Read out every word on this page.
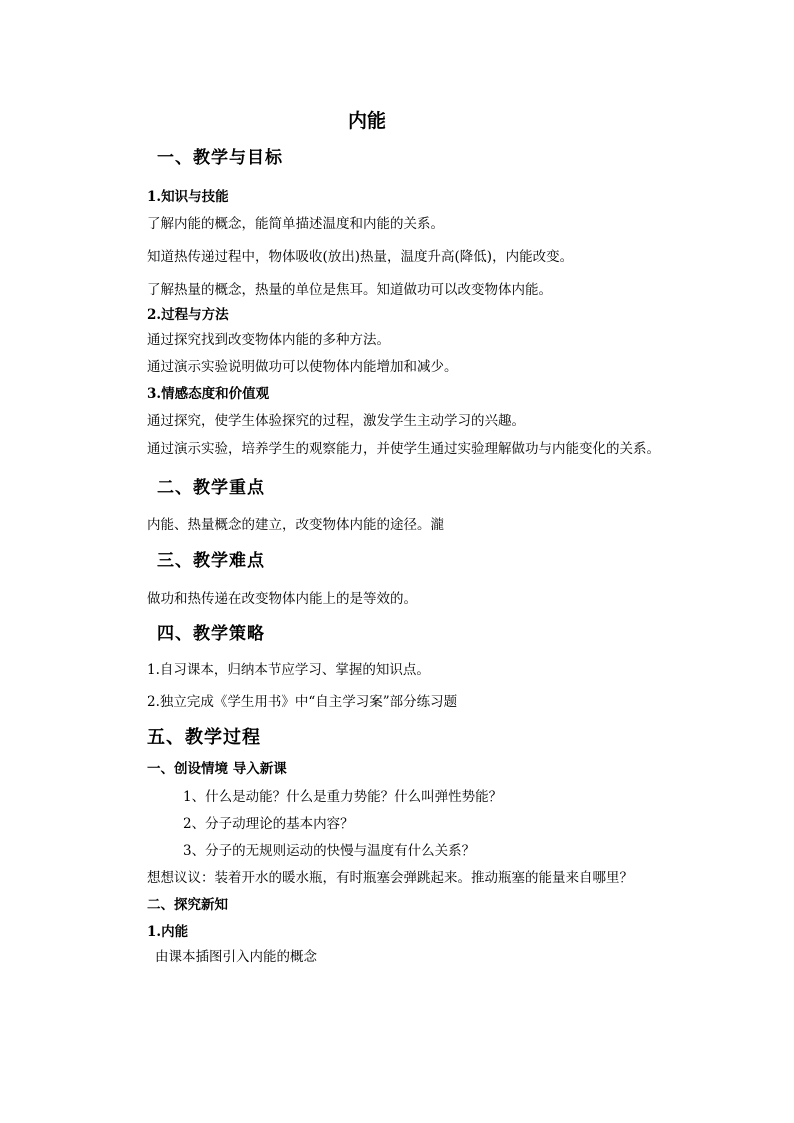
内能
一、教学与目标
1.知识与技能
了解内能的概念，能简单描述温度和内能的关系。
知道热传递过程中，物体吸收(放出)热量，温度升高(降低)，内能改变。
了解热量的概念，热量的单位是焦耳。知道做功可以改变物体内能。
2.过程与方法
通过探究找到改变物体内能的多种方法。
通过演示实验说明做功可以使物体内能增加和减少。
3.情感态度和价值观
通过探究，使学生体验探究的过程，激发学生主动学习的兴趣。
通过演示实验，培养学生的观察能力，并使学生通过实验理解做功与内能变化的关系。
二、教学重点
内能、热量概念的建立，改变物体内能的途径。瀧
三、教学难点
做功和热传递在改变物体内能上的是等效的。
四、教学策略
1.自习课本，归纳本节应学习、掌握的知识点。
2.独立完成《学生用书》中“自主学习案”部分练习题
五、教学过程
一、创设情境 导入新课
1、什么是动能？什么是重力势能？什么叫弹性势能？
2、分子动理论的基本内容？
3、分子的无规则运动的快慢与温度有什么关系？
想想议议：装着开水的暖水瓶，有时瓶塞会弹跳起来。推动瓶塞的能量来自哪里？
二、探究新知
1.内能
由课本插图引入内能的概念
